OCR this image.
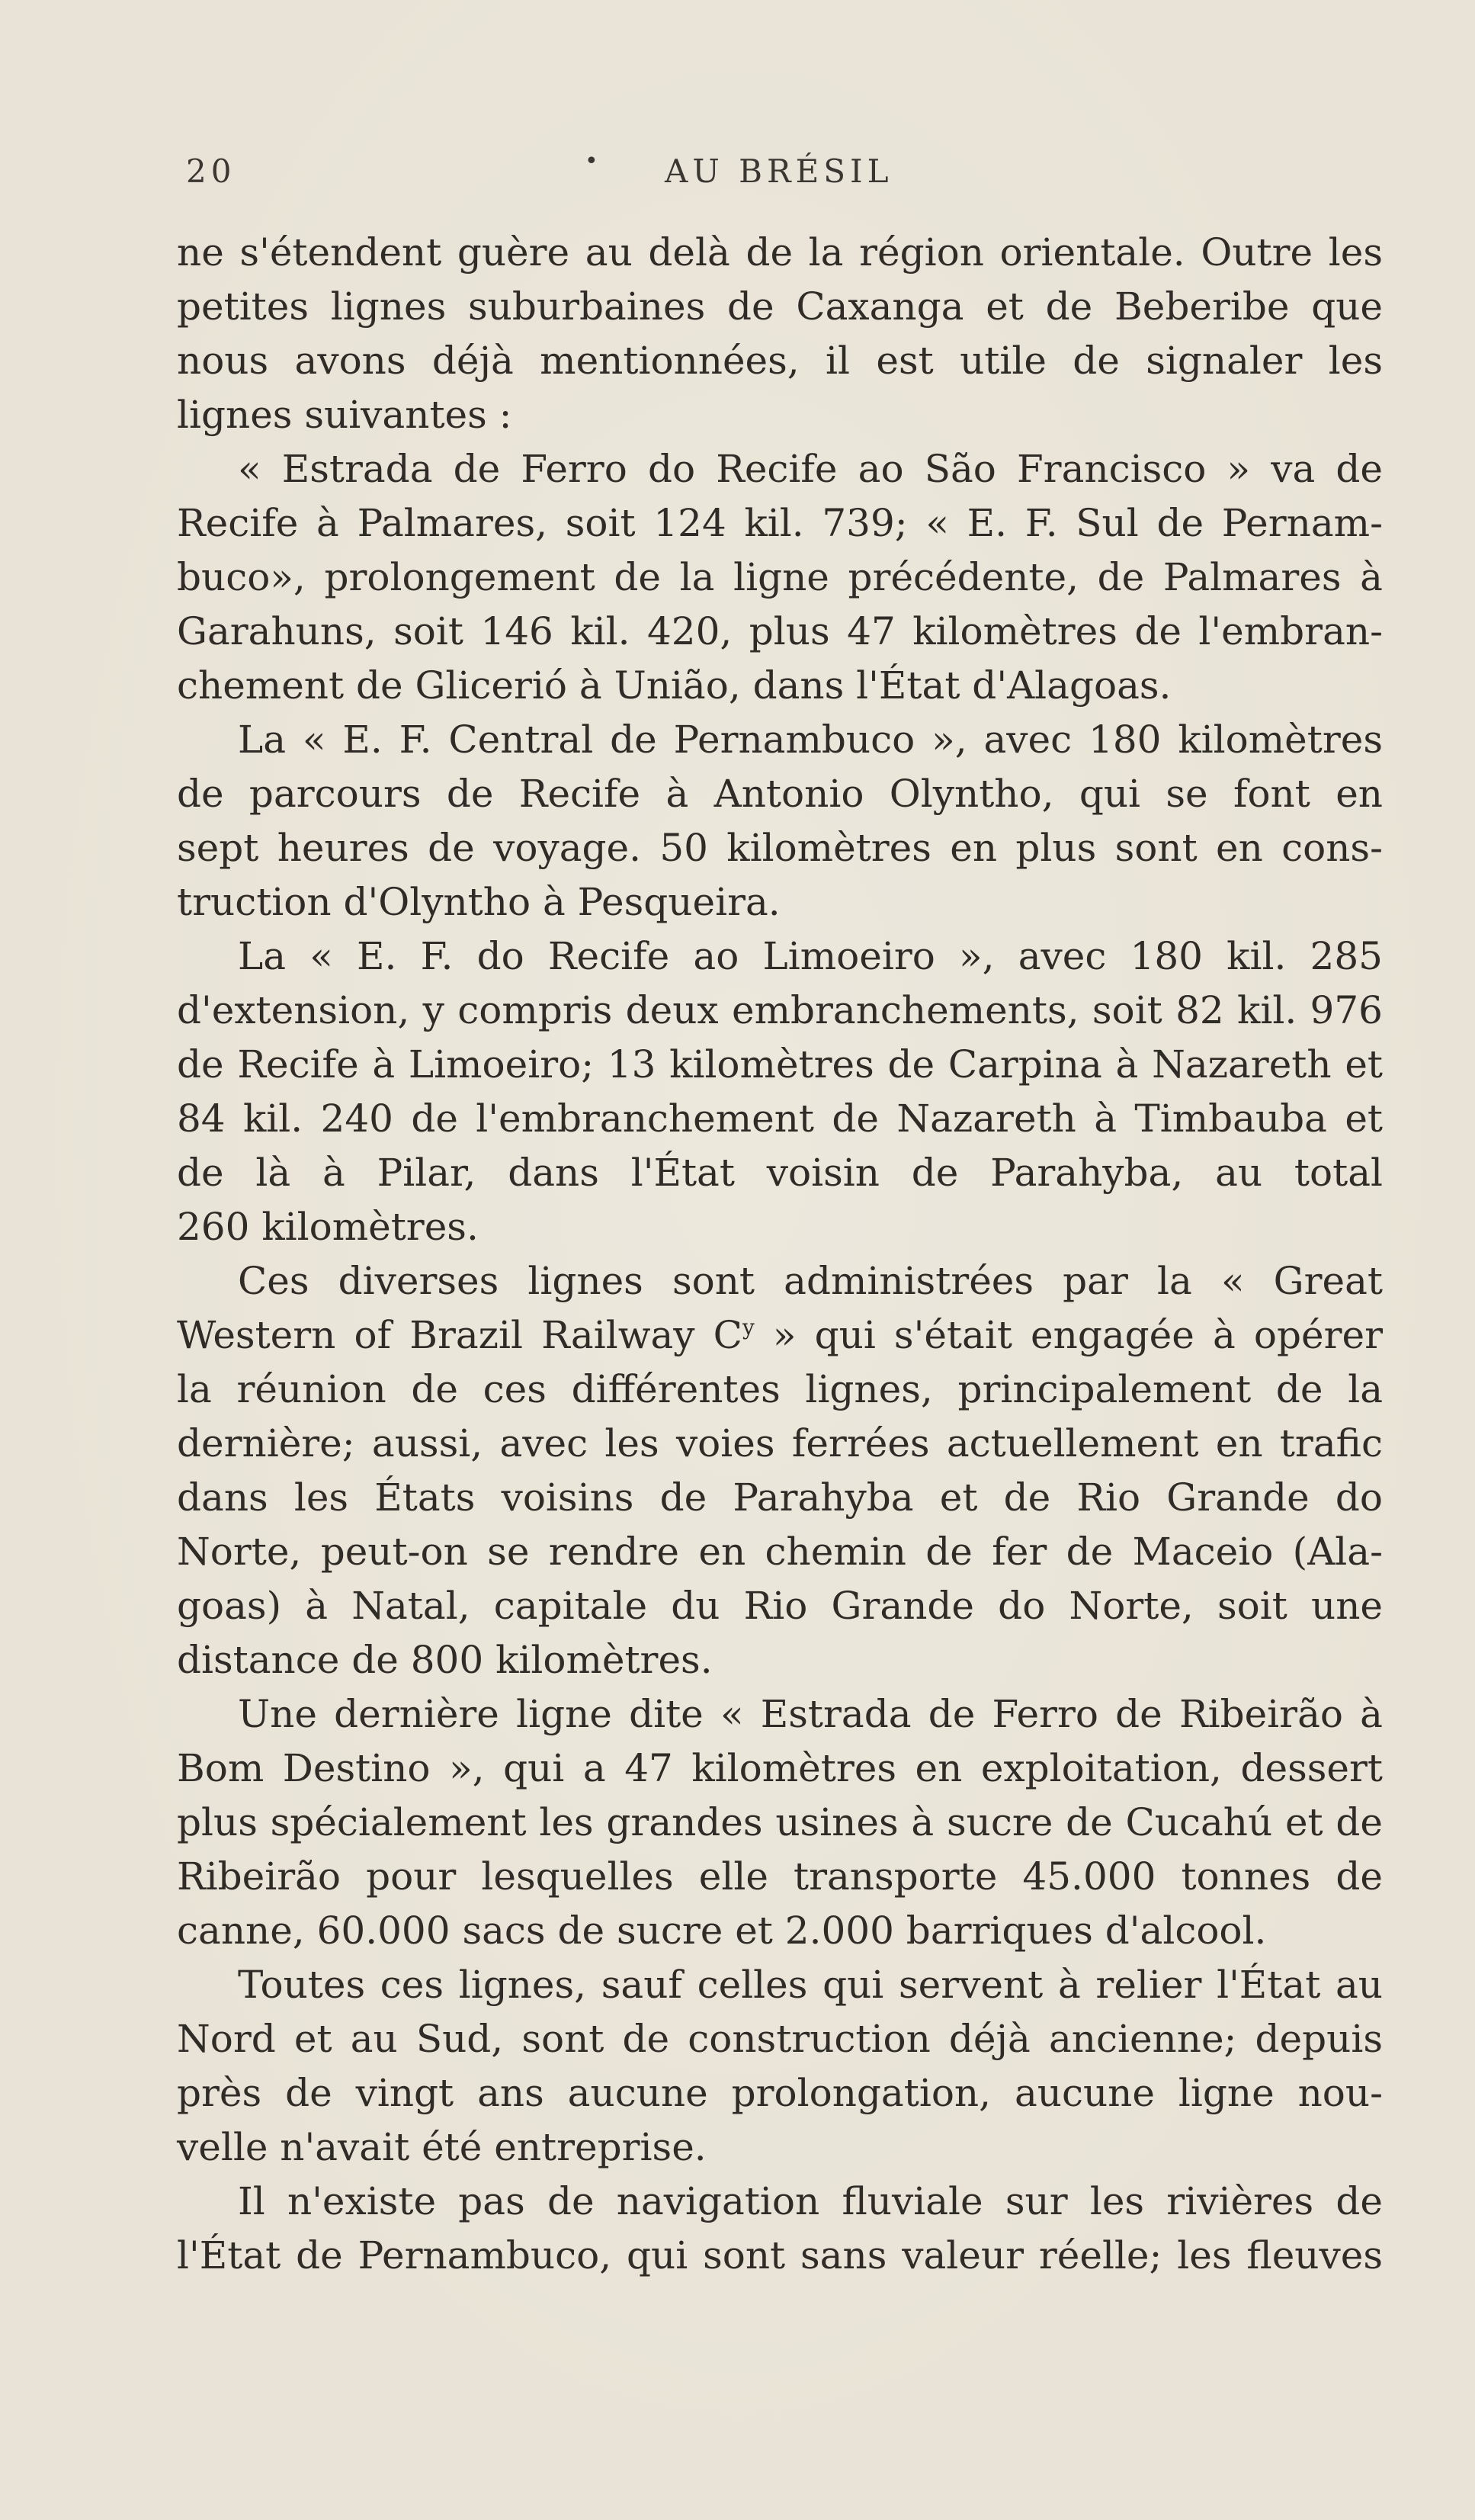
20	• AU BRÉSIL
ne s'étendent guère au delà de la région orientale. Outre les
petites lignes suburbaines de Caxanga et de Beberibe que
nous avons déjà mentionnées, il est utile de signaler les
lignes suivantes :
« Estrada de Ferro do Recife ao São Francisco » va de
Recife à Palmares, soit 124 kil. 739; « E. F. Sul de Pernam-
buco», prolongement de la ligne précédente, de Palmares à
Garahuns, soit 146 kil. 420, plus 47 kilomètres de l'embran-
chement de Glicerió à União, dans l'État d'Alagoas.
La « E. F. Central de Pernambuco », avec 180 kilomètres
de parcours de Recife à Antonio Olyntho, qui se font en
sept heures de voyage. 50 kilomètres en plus sont en cons-
truction d'Olyntho à Pesqueira.
La « E. F. do Recife ao Limoeiro », avec 180 kil. 285
d'extension, y compris deux embranchements, soit 82 kil. 976
de Recife à Limoeiro; 13 kilomètres de Carpina à Nazareth et
84 kil. 240 de l'embranchement de Nazareth à Timbauba et
de là à Pilar, dans l'État voisin de Parahyba, au total
260 kilomètres.
Ces diverses lignes sont administrées par la « Great
Western of Brazil Railway $C^y$ » qui s'était engagée à opérer
la réunion de ces différentes lignes, principalement de la
dernière; aussi, avec les voies ferrées actuellement en trafic
dans les États voisins de Parahyba et de Rio Grande do
Norte, peut-on se rendre en chemin de fer de Maceio (Ala-
goas) à Natal, capitale du Rio Grande do Norte, soit une
distance de 800 kilomètres.
Une dernière ligne dite « Estrada de Ferro de Ribeirão à
Bom Destino », qui a 47 kilomètres en exploitation, dessert
plus spécialement les grandes usines à sucre de Cucahú et de
Ribeirão pour lesquelles elle transporte 45.000 tonnes de
canne, 60.000 sacs de sucre et 2.000 barriques d'alcool.
Toutes ces lignes, sauf celles qui servent à relier l'État au
Nord et au Sud, sont de construction déjà ancienne; depuis
près de vingt ans aucune prolongation, aucune ligne nou-
velle n'avait été entreprise.
Il n'existe pas de navigation fluviale sur les rivières de
l'État de Pernambuco, qui sont sans valeur réelle; les fleuves
